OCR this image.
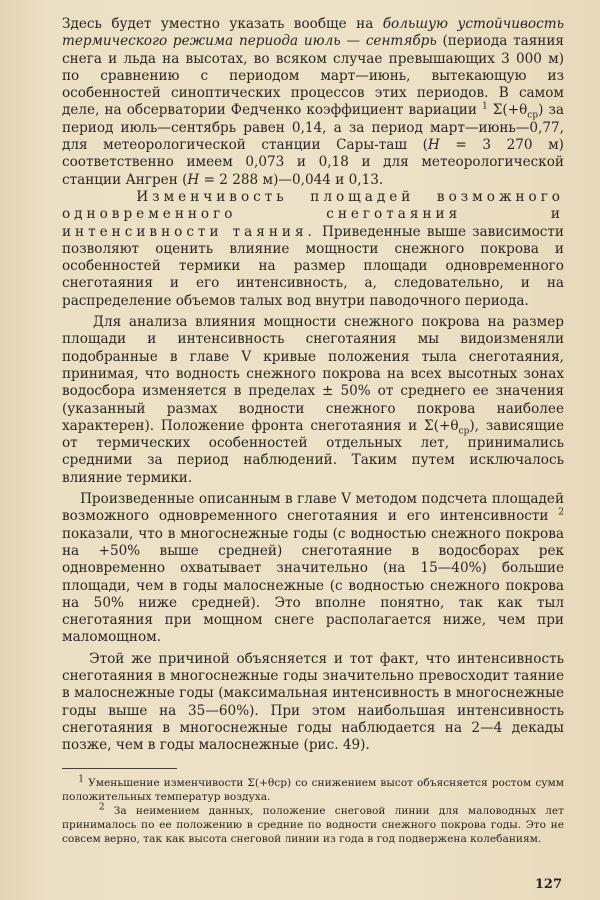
Здесь будет уместно указать вообще на большую устойчивость термического режима периода июль — сентябрь (периода таяния снега и льда на высотах, во всяком случае превышающих 3 000 м) по сравнению с периодом март—июнь, вытекающую из особенностей синоптических процессов этих периодов. В самом деле, на обсерватории Федченко коэффициент вариации $^1$ $\Sigma(+\theta_{ср})$ за период июль—сентябрь равен 0,14, а за период март—июнь—0,77, для метеорологической станции Сары-таш (H = 3 270 м) соответственно имеем 0,073 и 0,18 и для метеорологической станции Ангрен (H = 2 288 м)—0,044 и 0,13.

Изменчивость площадей возможного одновременного снеготаяния и интенсивности таяния. Приведенные выше зависимости позволяют оценить влияние мощности снежного покрова и особенностей термики на размер площади одновременного снеготаяния и его интенсивность, а, следовательно, и на распределение объемов талых вод внутри паводочного периода.

Для анализа влияния мощности снежного покрова на размер площади и интенсивность снеготаяния мы видоизменяли подобранные в главе V кривые положения тыла снеготаяния, принимая, что водность снежного покрова на всех высотных зонах водосбора изменяется в пределах ± 50% от среднего ее значения (указанный размах водности снежного покрова наиболее характерен). Положение фронта снеготаяния и $\Sigma(+\theta_{ср})$, зависящие от термических особенностей отдельных лет, принимались средними за период наблюдений. Таким путем исключалось влияние термики.

Произведенные описанным в главе V методом подсчета площадей возможного одновременного снеготаяния и его интенсивности $^2$ показали, что в многоснежные годы (с водностью снежного покрова на +50% выше средней) снеготаяние в водосборах рек одновременно охватывает значительно (на 15—40%) большие площади, чем в годы малоснежные (с водностью снежного покрова на 50% ниже средней). Это вполне понятно, так как тыл снеготаяния при мощном снеге располагается ниже, чем при маломощном.

Этой же причиной объясняется и тот факт, что интенсивность снеготаяния в многоснежные годы значительно превосходит таяние в малоснежные годы (максимальная интенсивность в многоснежные годы выше на 35—60%). При этом наибольшая интенсивность снеготаяния в многоснежные годы наблюдается на 2—4 декады позже, чем в годы малоснежные (рис. 49).

$^1$ Уменьшение изменчивости Σ(+θср) со снижением высот объясняется ростом сумм положительных температур воздуха.

$^2$ За неимением данных, положение снеговой линии для маловодных лет принималось по ее положению в средние по водности снежного покрова годы. Это не совсем верно, так как высота снеговой линии из года в год подвержена колебаниям.

127
